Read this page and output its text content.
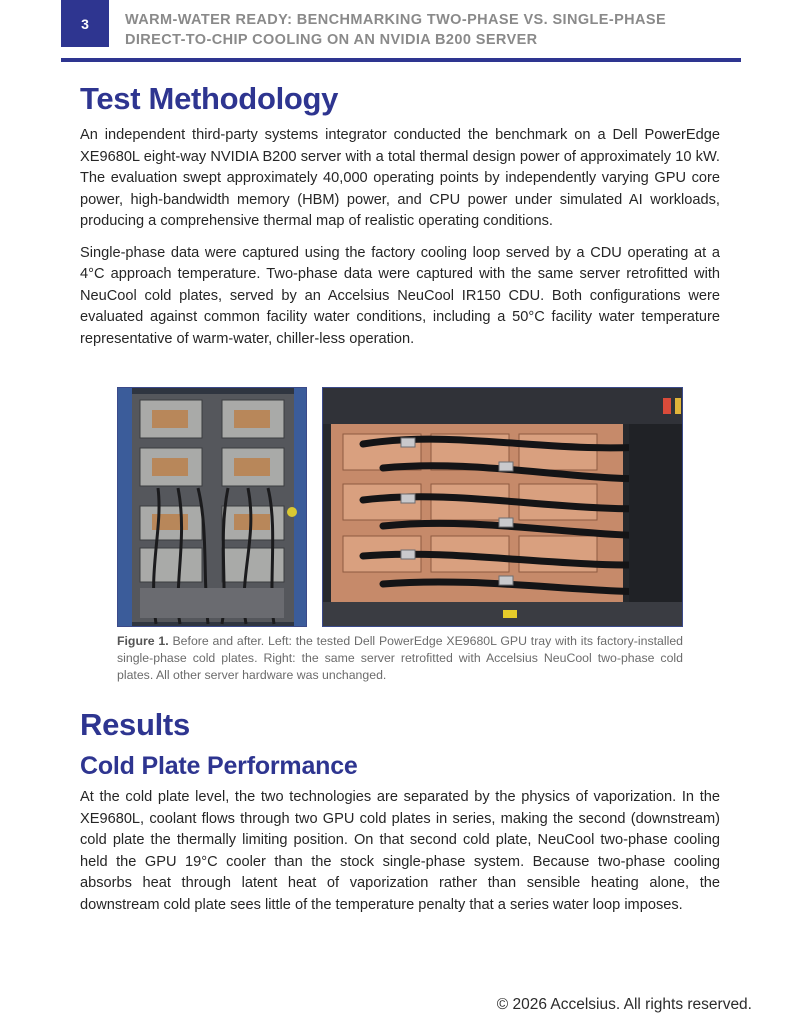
3 WARM-WATER READY: BENCHMARKING TWO-PHASE VS. SINGLE-PHASE
DIRECT-TO-CHIP COOLING ON AN NVIDIA B200 SERVER
Test Methodology

An independent third-party systems integrator conducted the benchmark on a Dell PowerEdge XE9680L eight-way NVIDIA B200 server with a total thermal design power of approximately 10 kW. The evaluation swept approximately 40,000 operating points by independently varying GPU core power, high-bandwidth memory (HBM) power, and CPU power under simulated AI workloads, producing a comprehensive thermal map of realistic operating conditions.

Single-phase data were captured using the factory cooling loop served by a CDU operating at a 4°C approach temperature. Two-phase data were captured with the same server retrofitted with NeuCool cold plates, served by an Accelsius NeuCool IR150 CDU. Both configurations were evaluated against common facility water conditions, including a 50°C facility water temperature representative of warm-water, chiller-less operation.

Figure 1. Before and after. Left: the tested Dell PowerEdge XE9680L GPU tray with its factory-installed single-phase cold plates. Right: the same server retrofitted with Accelsius NeuCool two-phase cold plates. All other server hardware was unchanged.
Results
Cold Plate Performance

At the cold plate level, the two technologies are separated by the physics of vaporization. In the XE9680L, coolant flows through two GPU cold plates in series, making the second (downstream) cold plate the thermally limiting position. On that second cold plate, NeuCool two-phase cooling held the GPU 19°C cooler than the stock single-phase system. Because two-phase cooling absorbs heat through latent heat of vaporization rather than sensible heating alone, the downstream cold plate sees little of the temperature penalty that a series water loop imposes.

© 2026 Accelsius. All rights reserved.
